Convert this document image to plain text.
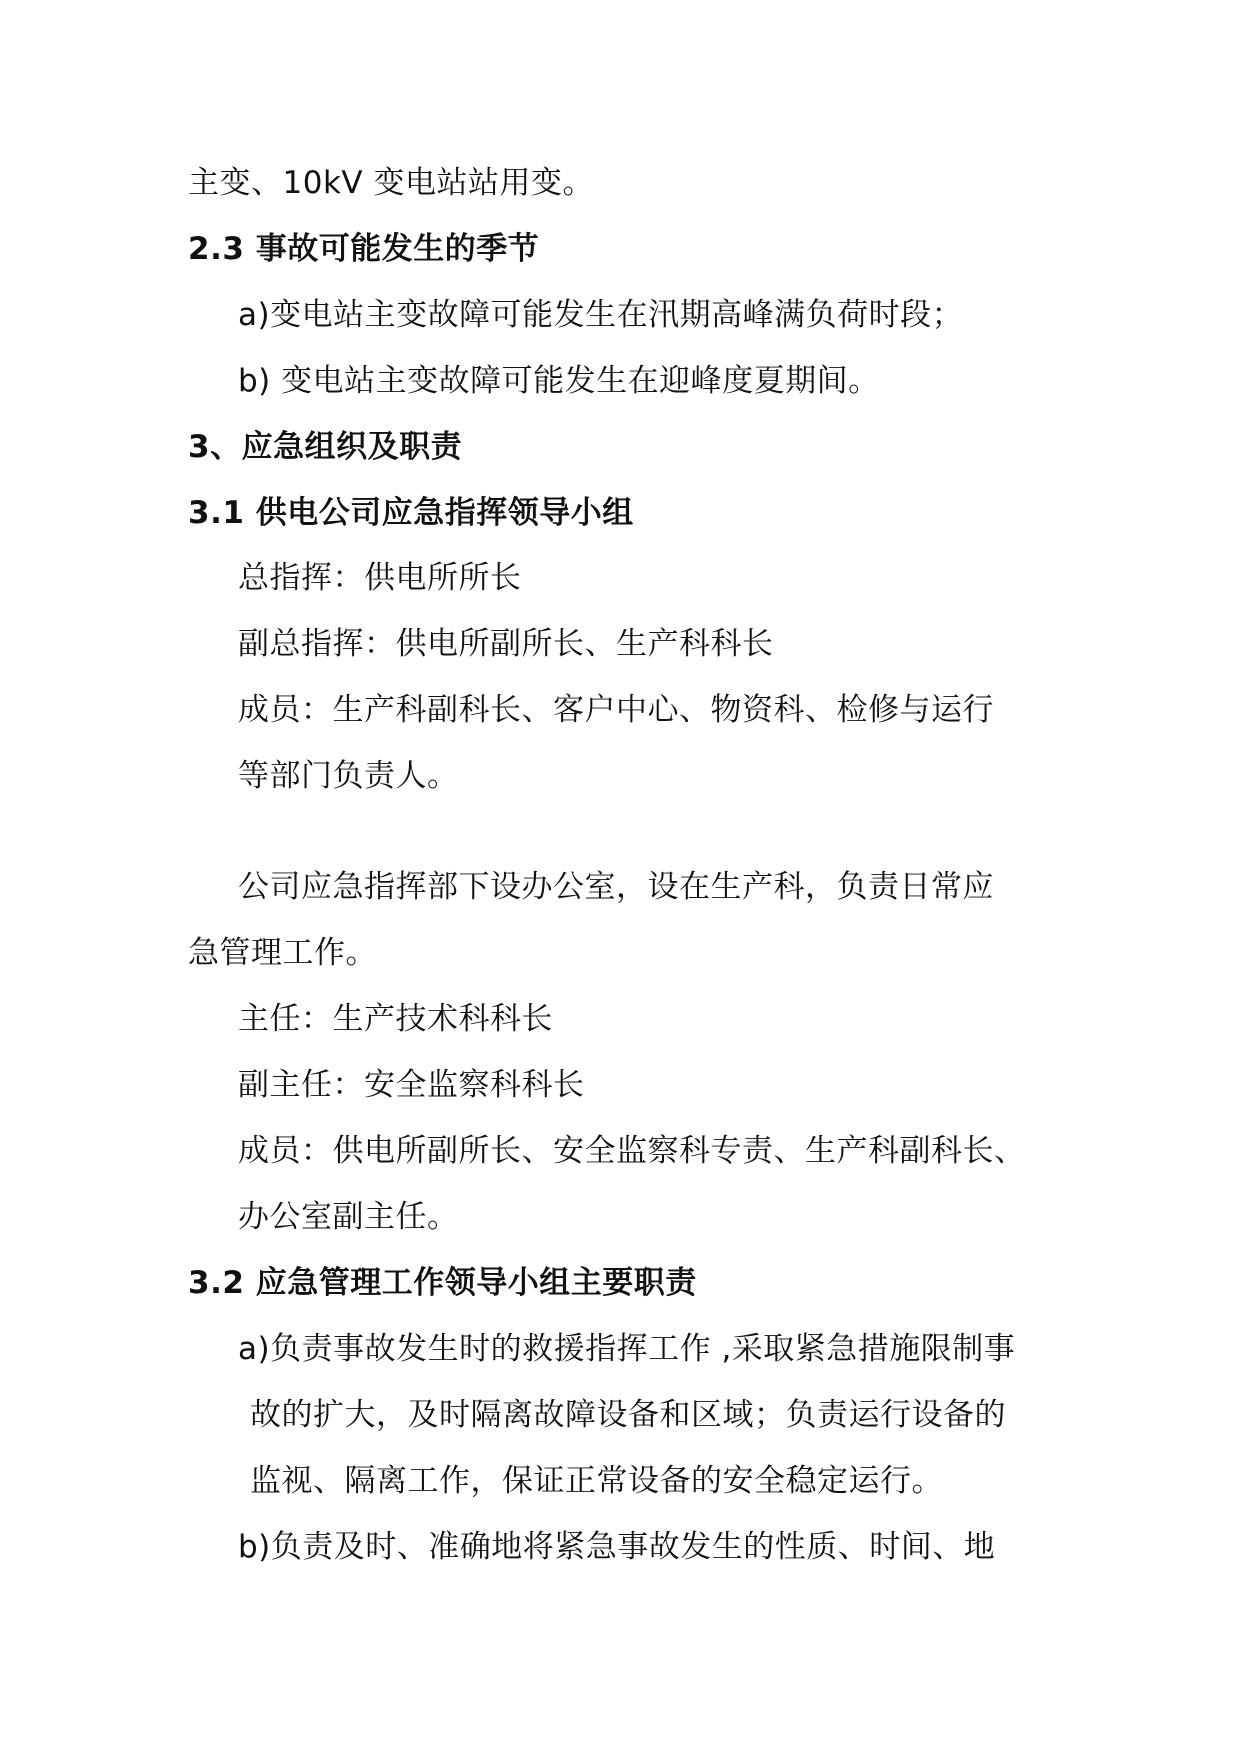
主变、10kV 变电站站用变。
2.3 事故可能发生的季节
a)变电站主变故障可能发生在汛期高峰满负荷时段；
b) 变电站主变故障可能发生在迎峰度夏期间。
3、应急组织及职责
3.1 供电公司应急指挥领导小组
总指挥：供电所所长
副总指挥：供电所副所长、生产科科长
成员：生产科副科长、客户中心、物资科、检修与运行
等部门负责人。
公司应急指挥部下设办公室，设在生产科，负责日常应
急管理工作。
主任：生产技术科科长
副主任：安全监察科科长
成员：供电所副所长、安全监察科专责、生产科副科长、
办公室副主任。
3.2 应急管理工作领导小组主要职责
a)负责事故发生时的救援指挥工作 ,采取紧急措施限制事
故的扩大，及时隔离故障设备和区域；负责运行设备的
监视、隔离工作，保证正常设备的安全稳定运行。
b)负责及时、准确地将紧急事故发生的性质、时间、地
